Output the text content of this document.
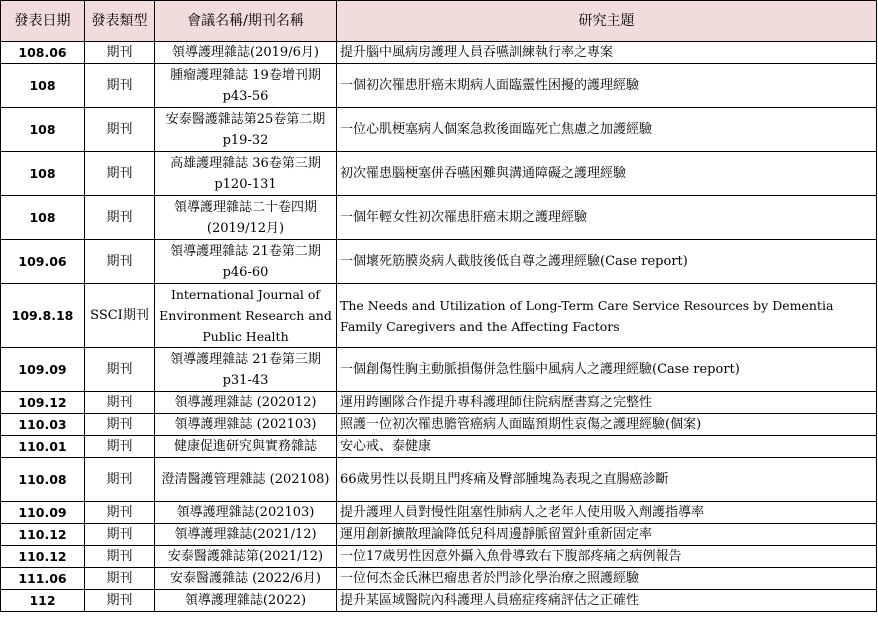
發表日期	發表類型	會議名稱/期刊名稱	研究主題
108.06	期刊	領導護理雜誌(2019/6月)	提升腦中風病房護理人員吞嚥訓練執行率之專案
108	期刊	腫瘤護理雜誌 19卷增刊期p43-56	一個初次罹患肝癌末期病人面臨靈性困擾的護理經驗
108	期刊	安泰醫護雜誌第25卷第二期p19-32	一位心肌梗塞病人個案急救後面臨死亡焦慮之加護經驗
108	期刊	高雄護理雜誌 36卷第三期p120-131	初次罹患腦梗塞併吞嚥困難與溝通障礙之護理經驗
108	期刊	領導護理雜誌二十卷四期(2019/12月)	一個年輕女性初次罹患肝癌末期之護理經驗
109.06	期刊	領導護理雜誌 21卷第二期p46-60	一個壞死筋膜炎病人截肢後低自尊之護理經驗(Case report)
109.8.18	SSCI期刊	International Journal of Environment Research and Public Health	The Needs and Utilization of Long-Term Care Service Resources by Dementia Family Caregivers and the Affecting Factors
109.09	期刊	領導護理雜誌 21卷第三期p31-43	一個創傷性胸主動脈損傷併急性腦中風病人之護理經驗(Case report)
109.12	期刊	領導護理雜誌 (202012)	運用跨團隊合作提升專科護理師住院病歷書寫之完整性
110.03	期刊	領導護理雜誌 (202103)	照護一位初次罹患膽管癌病人面臨預期性哀傷之護理經驗(個案)
110.01	期刊	健康促進研究與實務雜誌	安心戒、泰健康
110.08	期刊	澄清醫護管理雜誌 (202108)	66歲男性以長期且門疼痛及臀部腫塊為表現之直腸癌診斷
110.09	期刊	領導護理雜誌(202103)	提升護理人員對慢性阻塞性肺病人之老年人使用吸入劑護指導率
110.12	期刊	領導護理雜誌(2021/12)	運用創新擴散理論降低兒科周邊靜脈留置針重新固定率
110.12	期刊	安泰醫護雜誌第(2021/12)	一位17歲男性因意外攝入魚骨導致右下腹部疼痛之病例報告
111.06	期刊	安泰醫護雜誌 (2022/6月)	一位何杰金氏淋巴瘤患者於門診化學治療之照護經驗
112	期刊	領導護理雜誌(2022)	提升某區域醫院內科護理人員癌症疼痛評估之正確性
